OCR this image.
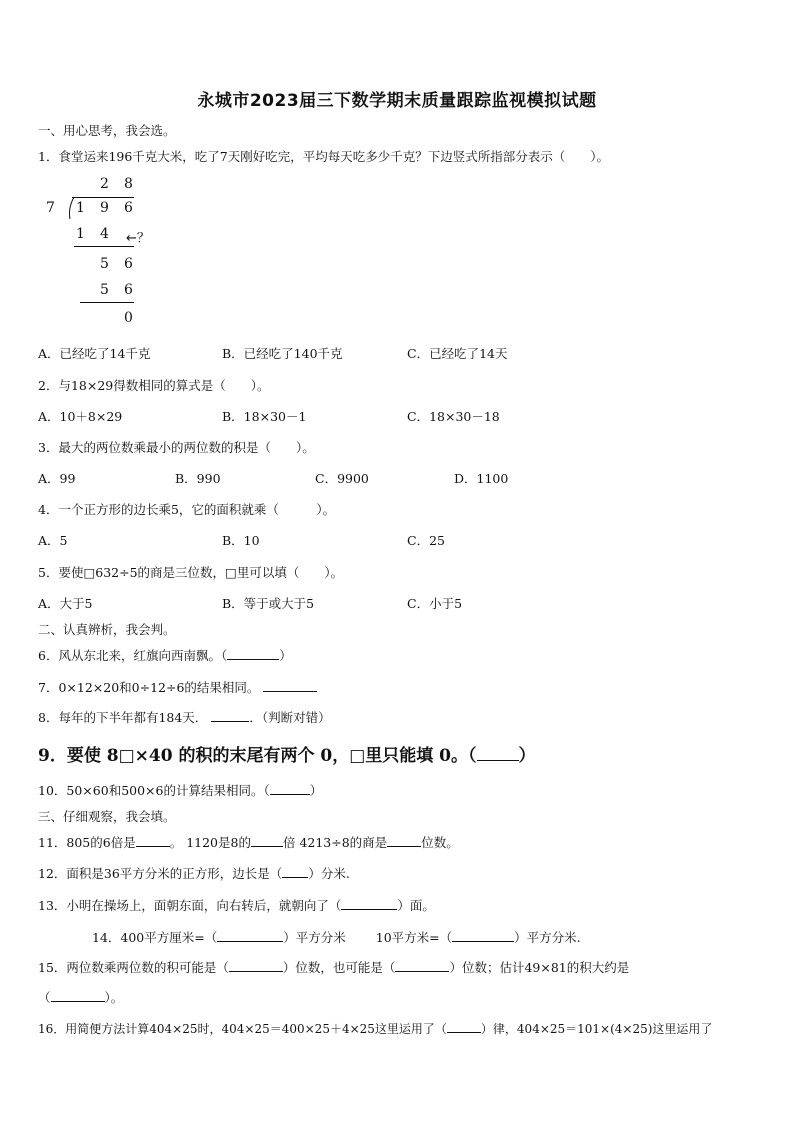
永城市2023届三下数学期末质量跟踪监视模拟试题
一、用心思考，我会选。
1．食堂运来196千克大米，吃了7天刚好吃完，平均每天吃多少千克？下边竖式所指部分表示（　　）。
2 8
7 1 9 6
1 4 ←？
5 6
5 6
0
A．已经吃了14千克	B．已经吃了140千克	C．已经吃了14天
2．与18×29得数相同的算式是（　　）。
A．10＋8×29	B．18×30－1	C．18×30－18
3．最大的两位数乘最小的两位数的积是（　　）。
A．99	B．990	C．9900	D．1100
4．一个正方形的边长乘5，它的面积就乘（　　　）。
A．5	B．10	C．25
5．要使□632÷5的商是三位数，□里可以填（　　）。
A．大于5	B．等于或大于5	C．小于5
二、认真辨析，我会判。
6．风从东北来，红旗向西南飘。（	）
7．0×12×20和0÷12÷6的结果相同。
8．每年的下半年都有184天．	．（判断对错）
9．要使 8□×40 的积的末尾有两个 0，□里只能填 0。（ ）
10．50×60和500×6的计算结果相同。（	）
三、仔细观察，我会填。
11．805的6倍是	。 1120是8的	倍 4213÷8的商是	位数。
12．面积是36平方分米的正方形，边长是（ ）分米.
13．小明在操场上，面朝东面，向右转后，就朝向了（	）面。
14．400平方厘米=（	）平方分米 10平方米=（	）平方分米.
15．两位数乘两位数的积可能是（	）位数，也可能是（	）位数；估计49×81的积大约是
（	）。
16．用简便方法计算404×25时，404×25＝400×25＋4×25这里运用了（	）律，404×25＝101×(4×25)这里运用了
